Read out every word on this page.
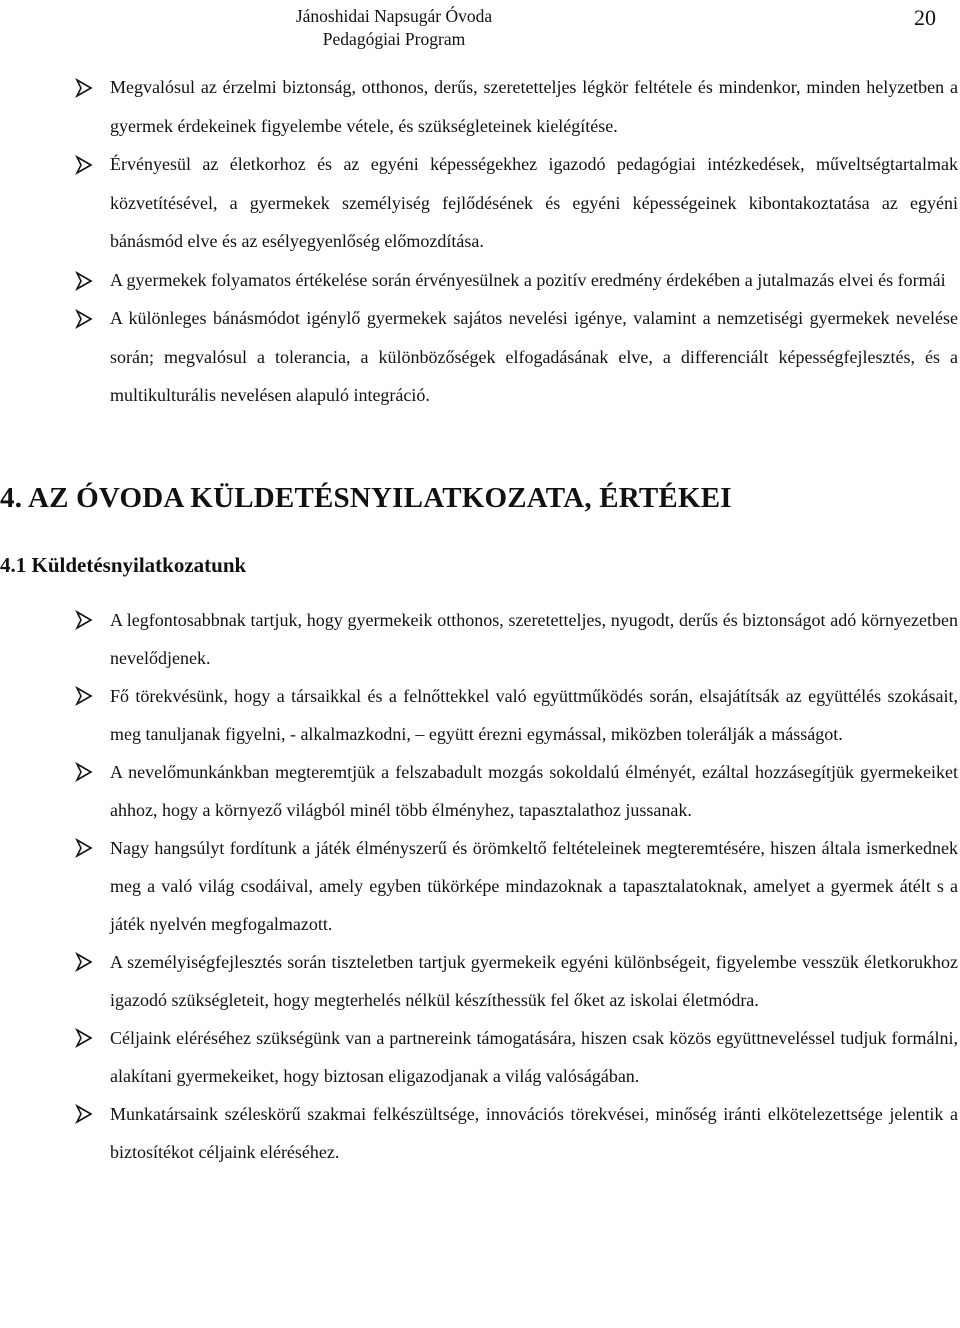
Jánoshidai Napsugár Óvoda
Pedagógiai Program
20
Megvalósul az érzelmi biztonság, otthonos, derűs, szeretetteljes légkör feltétele és mindenkor, minden helyzetben a gyermek érdekeinek figyelembe vétele, és szükségleteinek kielégítése.
Érvényesül az életkorhoz és az egyéni képességekhez igazodó pedagógiai intézkedések, műveltségtartalmak közvetítésével, a gyermekek személyiség fejlődésének és egyéni képességeinek kibontakoztatása az egyéni bánásmód elve és az esélyegyenlőség előmozdítása.
A gyermekek folyamatos értékelése során érvényesülnek a pozitív eredmény érdekében a jutalmazás elvei és formái
A különleges bánásmódot igénylő gyermekek sajátos nevelési igénye, valamint a nemzetiségi gyermekek nevelése során; megvalósul a tolerancia, a különbözőségek elfogadásának elve, a differenciált képességfejlesztés, és a multikulturális nevelésen alapuló integráció.
4. AZ ÓVODA KÜLDETÉSNYILATKOZATA, ÉRTÉKEI
4.1 Küldetésnyilatkozatunk
A legfontosabbnak tartjuk, hogy gyermekeik otthonos, szeretetteljes, nyugodt, derűs és biztonságot adó környezetben nevelődjenek.
Fő törekvésünk, hogy a társaikkal és a felnőttekkel való együttműködés során, elsajátítsák az együttélés szokásait, meg tanuljanak figyelni, - alkalmazkodni, – együtt érezni egymással, miközben tolerálják a másságot.
A nevelőmunkánkban megteremtjük a felszabadult mozgás sokoldalú élményét, ezáltal hozzásegítjük gyermekeiket ahhoz, hogy a környező világból minél több élményhez, tapasztalathoz jussanak.
Nagy hangsúlyt fordítunk a játék élményszerű és örömkeltő feltételeinek megteremtésére, hiszen általa ismerkednek meg a való világ csodáival, amely egyben tükörképe mindazoknak a tapasztalatoknak, amelyet a gyermek átélt s a játék nyelvén megfogalmazott.
A személyiségfejlesztés során tiszteletben tartjuk gyermekeik egyéni különbségeit, figyelembe vesszük életkorukhoz igazodó szükségleteit, hogy megterhelés nélkül készíthessük fel őket az iskolai életmódra.
Céljaink eléréséhez szükségünk van a partnereink támogatására, hiszen csak közös együttneveléssel tudjuk formálni, alakítani gyermekeiket, hogy biztosan eligazodjanak a világ valóságában.
Munkatársaink széleskörű szakmai felkészültsége, innovációs törekvései, minőség iránti elkötelezettsége jelentik a biztosítékot céljaink eléréséhez.
